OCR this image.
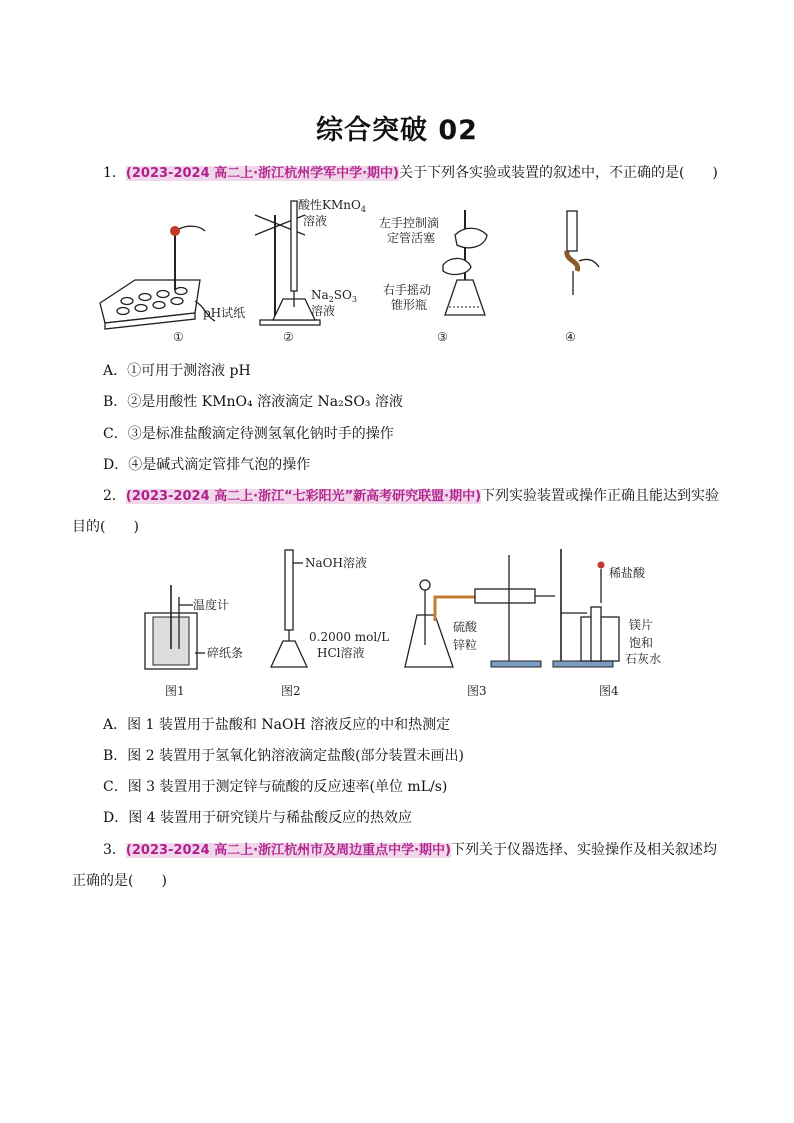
综合突破 02
1．(2023-2024 高二上·浙江杭州学军中学·期中)关于下列各实验或装置的叙述中，不正确的是(　　)
pH试纸
①
酸性KMnO$_4$
溶液
$Na_2SO_3$
溶液
②
左手控制滴
定管活塞
右手摇动
锥形瓶
③	④
A．①可用于测溶液 pH
B．②是用酸性 KMnO₄ 溶液滴定 Na₂SO₃ 溶液
C．③是标准盐酸滴定待测氢氧化钠时手的操作
D．④是碱式滴定管排气泡的操作
2．(2023-2024 高二上·浙江“七彩阳光”新高考研究联盟·期中)下列实验装置或操作正确且能达到实验
目的(　　)
温度计
碎纸条
图1
NaOH溶液
0.2000 mol/L
HCl溶液
图2
硫酸
锌粒
图3
稀盐酸
镁片
饱和
石灰水
图4
A．图 1 装置用于盐酸和 NaOH 溶液反应的中和热测定
B．图 2 装置用于氢氧化钠溶液滴定盐酸(部分装置未画出)
C．图 3 装置用于测定锌与硫酸的反应速率(单位 mL/s)
D．图 4 装置用于研究镁片与稀盐酸反应的热效应
3．(2023-2024 高二上·浙江杭州市及周边重点中学·期中)下列关于仪器选择、实验操作及相关叙述均
正确的是(　　)
